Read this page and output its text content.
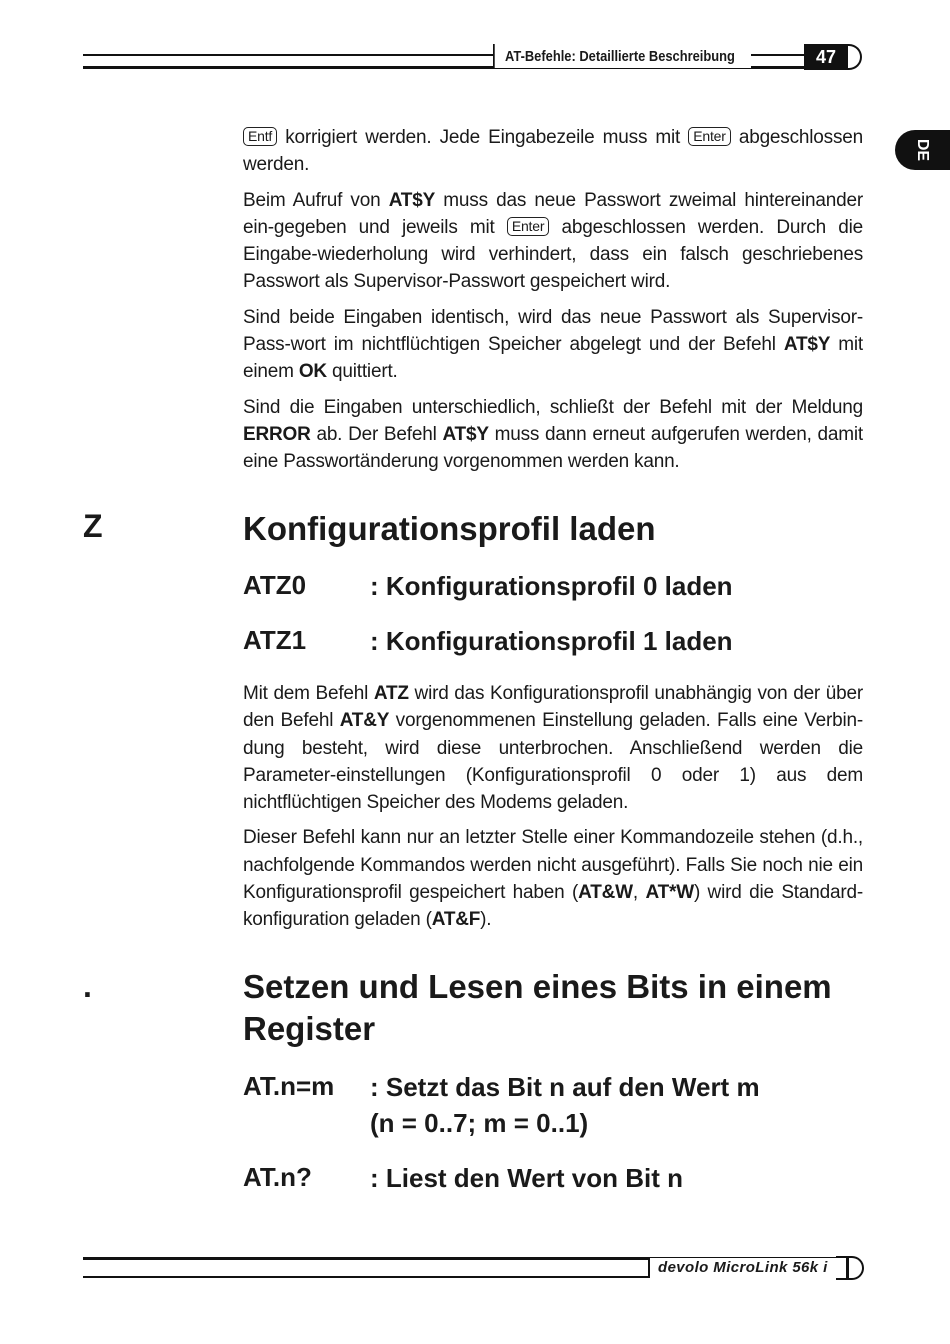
AT-Befehle: Detaillierte Beschreibung	47
DE

Entf korrigiert werden. Jede Eingabezeile muss mit Enter abgeschlossen werden.

Beim Aufruf von AT$Y muss das neue Passwort zweimal hintereinander ein-gegeben und jeweils mit Enter abgeschlossen werden. Durch die Eingabe-wiederholung wird verhindert, dass ein falsch geschriebenes Passwort als Supervisor-Passwort gespeichert wird.

Sind beide Eingaben identisch, wird das neue Passwort als Supervisor-Pass-wort im nichtflüchtigen Speicher abgelegt und der Befehl AT$Y mit einem OK quittiert.

Sind die Eingaben unterschiedlich, schließt der Befehl mit der Meldung ERROR ab. Der Befehl AT$Y muss dann erneut aufgerufen werden, damit eine Passwortänderung vorgenommen werden kann.

Z	Konfigurationsprofil laden
ATZ0 : Konfigurationsprofil 0 laden
ATZ1 : Konfigurationsprofil 1 laden

Mit dem Befehl ATZ wird das Konfigurationsprofil unabhängig von der über den Befehl AT&Y vorgenommenen Einstellung geladen. Falls eine Verbin-dung besteht, wird diese unterbrochen. Anschließend werden die Parameter-einstellungen (Konfigurationsprofil 0 oder 1) aus dem nichtflüchtigen Speicher des Modems geladen.

Dieser Befehl kann nur an letzter Stelle einer Kommandozeile stehen (d.h., nachfolgende Kommandos werden nicht ausgeführt). Falls Sie noch nie ein Konfigurationsprofil gespeichert haben (AT&W, AT*W) wird die Standard-konfiguration geladen (AT&F).

.	Setzen und Lesen eines Bits in einem Register
AT.n=m : Setzt das Bit n auf den Wert m
(n = 0..7; m = 0..1)
AT.n? : Liest den Wert von Bit n
devolo MicroLink 56k i
